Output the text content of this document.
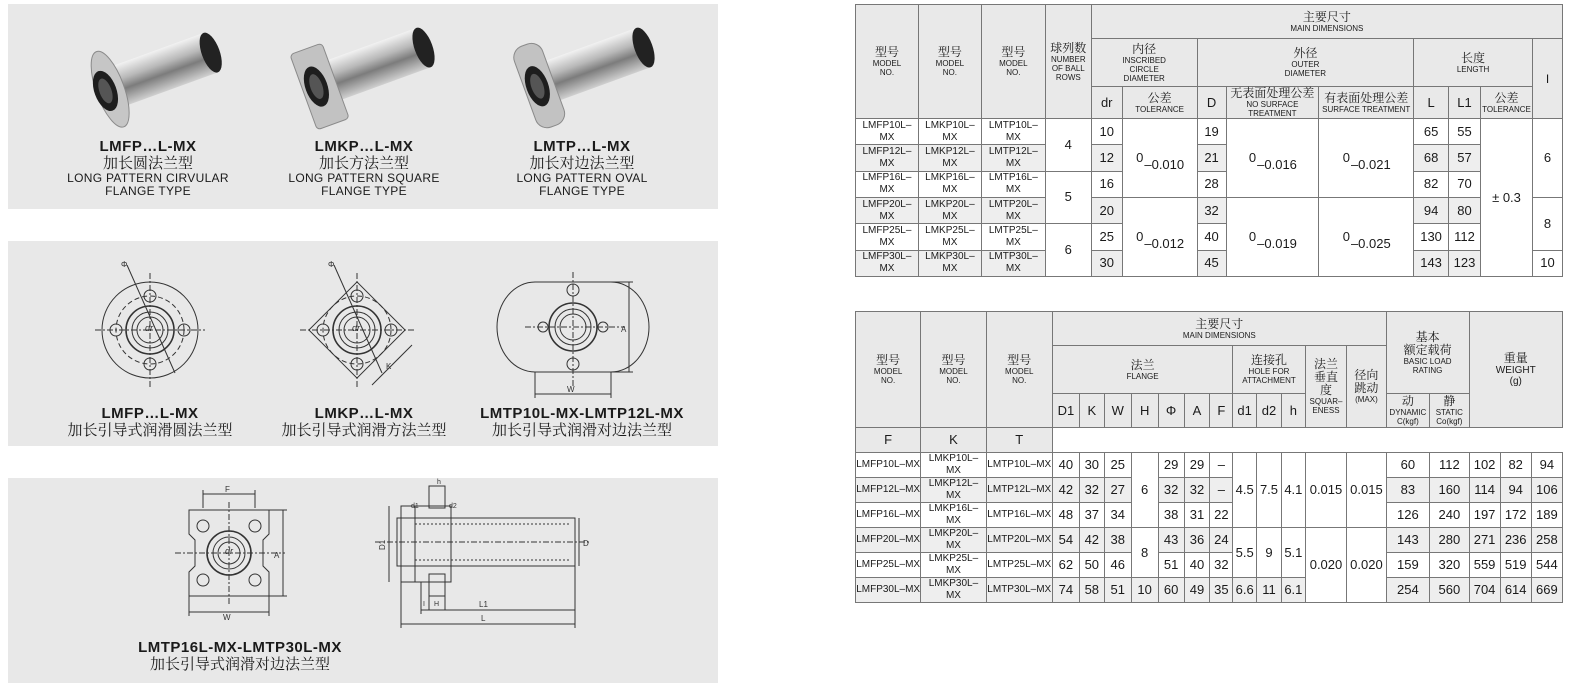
LMFP…L-MX
加长圆法兰型
LONG PATTERN CIRVULAR
FLANGE TYPE
LMKP…L-MX
加长方法兰型
LONG PATTERN SQUARE
FLANGE TYPE
LMTP…L-MX
加长对边法兰型
LONG PATTERN OVAL
FLANGE TYPE
Φ
dr
Φ
dr
K
A
W
LMFP…L-MX
加长引导式润滑圆法兰型
LMKP…L-MX
加长引导式润滑方法兰型
LMTP10L-MX-LMTP12L-MX
加长引导式润滑对边法兰型
F
A
W
dr
D1	D
d1	d2
h
I H	L1
L
LMTP16L-MX-LMTP30L-MX
加长引导式润滑对边法兰型
型号
MODEL
NO.	型号
MODEL
NO.	型号
MODEL
NO.	球列数
NUMBER
OF BALL
ROWS	主要尺寸
MAIN DIMENSIONS								

				内径
INSCRIBED
CIRCLE
DIAMETER		外径
OUTER
DIAMETER			长度
LENGTH			I
				dr	公差
TOLERANCE	D	无表面处理公差
NO SURFACE TREATMENT	有表面处理公差
SURFACE TREATMENT	L	L1	公差
TOLERANCE	

LMFP10L–MX	LMKP10L–MX	LMTP10L–MX	4	10	0–0.010	19	0–0.016	0–0.021	65	55	± 0.3	6
LMFP12L–MX	LMKP12L–MX	LMTP12L–MX		12		21			68	57		
LMFP16L–MX	LMKP16L–MX	LMTP16L–MX	5	16		28			82	70		
LMFP20L–MX	LMKP20L–MX	LMTP20L–MX		20	0–0.012	32	0–0.019	0–0.025	94	80		8
LMFP25L–MX	LMKP25L–MX	LMTP25L–MX	6	25		40			130	112		
LMFP30L–MX	LMKP30L–MX	LMTP30L–MX		30		45			143	123		10
型号
MODEL
NO.	型号
MODEL
NO.	型号
MODEL
NO.	主要尺寸
MAIN DIMENSIONS												基本
额定载荷
BASIC LOAD
RATING		重量
WEIGHT
(g)		

			法兰
FLANGE							连接孔
HOLE FOR
ATTACHMENT			法兰
垂直
度
SQUAR–
ENESS	径向
跳动
(MAX)					

			D1	K	W	H	Φ	A	F	d1	d2	h			动
DYNAMIC
C(kgf)	静
STATIC
Co(kgf)			

F	K	T																	
LMFP10L–MX	LMKP10L–MX	LMTP10L–MX	40	30	25	6	29	29	–	4.5	7.5	4.1	0.015	0.015	60	112	102	82	94
LMFP12L–MX	LMKP12L–MX	LMTP12L–MX	42	32	27		32	32	–						83	160	114	94	106
LMFP16L–MX	LMKP16L–MX	LMTP16L–MX	48	37	34		38	31	22						126	240	197	172	189
LMFP20L–MX	LMKP20L–MX	LMTP20L–MX	54	42	38	8	43	36	24	5.5	9	5.1	0.020	0.020	143	280	271	236	258
LMFP25L–MX	LMKP25L–MX	LMTP25L–MX	62	50	46		51	40	32						159	320	559	519	544
LMFP30L–MX	LMKP30L–MX	LMTP30L–MX	74	58	51	10	60	49	35	6.6	11	6.1			254	560	704	614	669
